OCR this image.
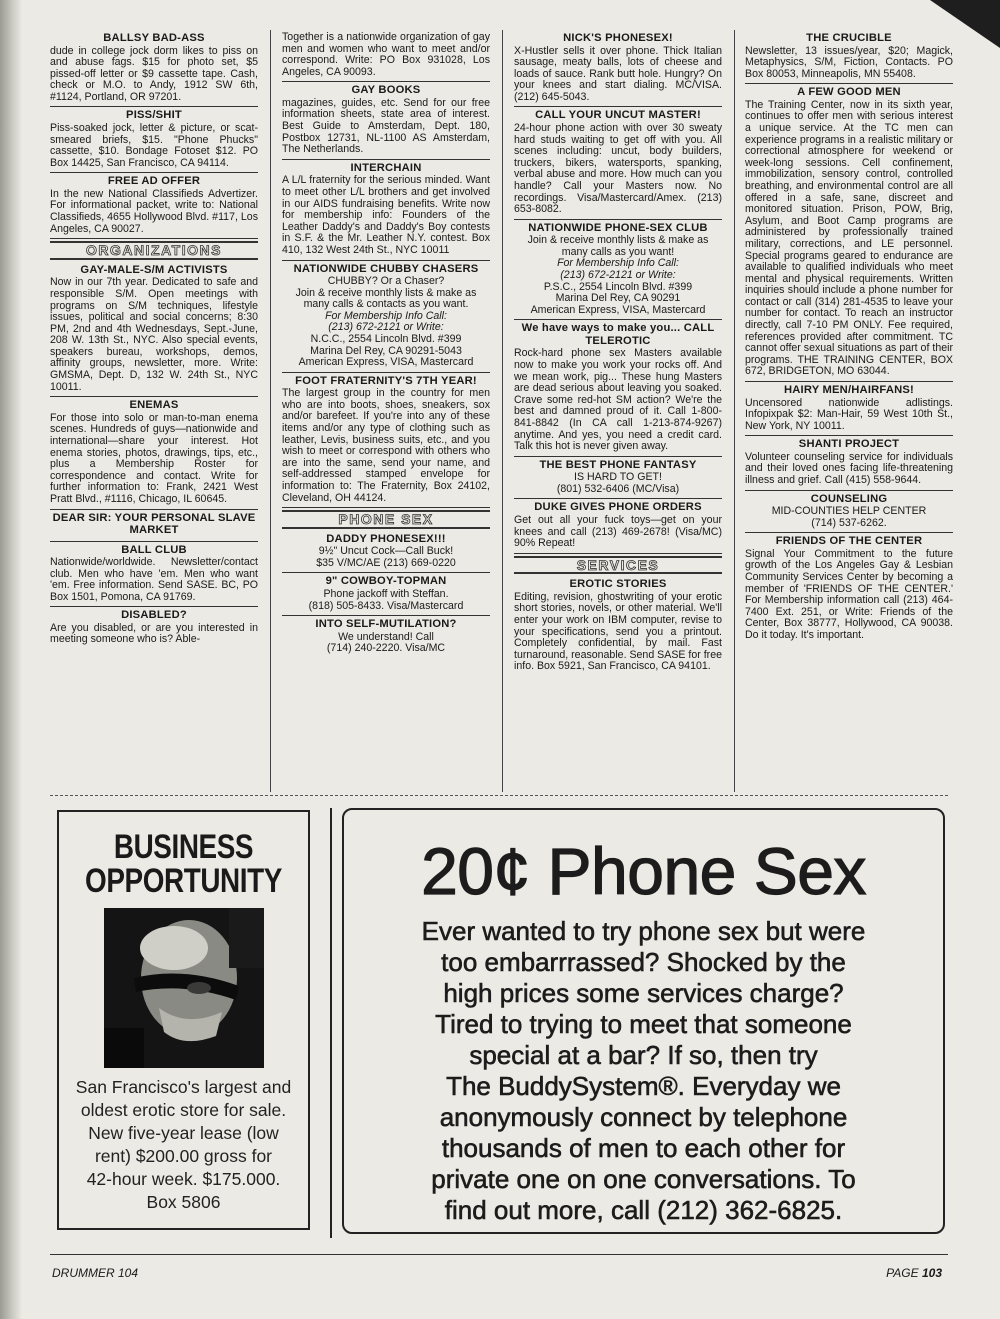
BALLSY BAD-ASS
dude in college jock dorm likes to piss on and abuse fags. $15 for photo set, $5 pissed-off letter or $9 cassette tape. Cash, check or M.O. to Andy, 1912 SW 6th, #1124, Portland, OR 97201.
PISS/SHIT
Piss-soaked jock, letter & picture, or scat-smeared briefs, $15. "Phone Phucks" cassette, $10. Bondage Fotoset $12. PO Box 14425, San Francisco, CA 94114.
FREE AD OFFER
In the new National Classifieds Advertizer. For informational packet, write to: National Classifieds, 4655 Hollywood Blvd. #117, Los Angeles, CA 90027.
ORGANIZATIONS
GAY-MALE-S/M ACTIVISTS
Now in our 7th year. Dedicated to safe and responsible S/M. Open meetings with programs on S/M techniques, lifestyle issues, political and social concerns; 8:30 PM, 2nd and 4th Wednesdays, Sept.-June, 208 W. 13th St., NYC. Also special events, speakers bureau, workshops, demos, affinity groups, newsletter, more. Write: GMSMA, Dept. D, 132 W. 24th St., NYC 10011.
ENEMAS
For those into solo or man-to-man enema scenes. Hundreds of guys—nationwide and international—share your interest. Hot enema stories, photos, drawings, tips, etc., plus a Membership Roster for correspondence and contact. Write for further information to: Frank, 2421 West Pratt Blvd., #1116, Chicago, IL 60645.
DEAR SIR: YOUR PERSONAL SLAVE MARKET
BALL CLUB
Nationwide/worldwide. Newsletter/contact club. Men who have 'em. Men who want 'em. Free information. Send SASE. BC, PO Box 1501, Pomona, CA 91769.
DISABLED?
Are you disabled, or are you interested in meeting someone who is? Able-
Together is a nationwide organization of gay men and women who want to meet and/or correspond. Write: PO Box 931028, Los Angeles, CA 90093.
GAY BOOKS
magazines, guides, etc. Send for our free information sheets, state area of interest. Best Guide to Amsterdam, Dept. 180, Postbox 12731, NL-1100 AS Amsterdam, The Netherlands.
INTERCHAIN
A L/L fraternity for the serious minded. Want to meet other L/L brothers and get involved in our AIDS fundraising benefits. Write now for membership info: Founders of the Leather Daddy's and Daddy's Boy contests in S.F. & the Mr. Leather N.Y. contest. Box 410, 132 West 24th St., NYC 10011
NATIONWIDE CHUBBY CHASERS
CHUBBY? Or a Chaser?
Join & receive monthly lists & make as many calls & contacts as you want.
For Membership Info Call:
(213) 672-2121 or Write:
N.C.C., 2554 Lincoln Blvd. #399
Marina Del Rey, CA 90291-5043
American Express, VISA, Mastercard
FOOT FRATERNITY'S 7TH YEAR!
The largest group in the country for men who are into boots, shoes, sneakers, sox and/or barefeet. If you're into any of these items and/or any type of clothing such as leather, Levis, business suits, etc., and you wish to meet or correspond with others who are into the same, send your name, and self-addressed stamped envelope for information to: The Fraternity, Box 24102, Cleveland, OH 44124.
PHONE SEX
DADDY PHONESEX!!!
9½" Uncut Cock—Call Buck!
$35 V/MC/AE (213) 669-0220
9" COWBOY-TOPMAN
Phone jackoff with Steffan.
(818) 505-8433. Visa/Mastercard
INTO SELF-MUTILATION?
We understand! Call
(714) 240-2220. Visa/MC
NICK'S PHONESEX!
X-Hustler sells it over phone. Thick Italian sausage, meaty balls, lots of cheese and loads of sauce. Rank butt hole. Hungry? On your knees and start dialing. MC/VISA. (212) 645-5043.
CALL YOUR UNCUT MASTER!
24-hour phone action with over 30 sweaty hard studs waiting to get off with you. All scenes including: uncut, body builders, truckers, bikers, watersports, spanking, verbal abuse and more. How much can you handle? Call your Masters now. No recordings. Visa/Mastercard/Amex. (213) 653-8082.
NATIONWIDE PHONE-SEX CLUB
Join & receive monthly lists & make as many calls as you want!
For Membership Info Call:
(213) 672-2121 or Write:
P.S.C., 2554 Lincoln Blvd. #399
Marina Del Rey, CA 90291
American Express, VISA, Mastercard
We have ways to make you... CALL TELEROTIC
Rock-hard phone sex Masters available now to make you work your rocks off. And we mean work, pig... These hung Masters are dead serious about leaving you soaked. Crave some red-hot SM action? We're the best and damned proud of it. Call 1-800-841-8842 (In CA call 1-213-874-9267) anytime. And yes, you need a credit card. Talk this hot is never given away.
THE BEST PHONE FANTASY
IS HARD TO GET!
(801) 532-6406 (MC/Visa)
DUKE GIVES PHONE ORDERS
Get out all your fuck toys—get on your knees and call (213) 469-2678! (Visa/MC) 90% Repeat!
SERVICES
EROTIC STORIES
Editing, revision, ghostwriting of your erotic short stories, novels, or other material. We'll enter your work on IBM computer, revise to your specifications, send you a printout. Completely confidential, by mail. Fast turnaround, reasonable. Send SASE for free info. Box 5921, San Francisco, CA 94101.
THE CRUCIBLE
Newsletter, 13 issues/year, $20; Magick, Metaphysics, S/M, Fiction, Contacts. PO Box 80053, Minneapolis, MN 55408.
A FEW GOOD MEN
The Training Center, now in its sixth year, continues to offer men with serious interest a unique service. At the TC men can experience programs in a realistic military or correctional atmosphere for weekend or week-long sessions. Cell confinement, immobilization, sensory control, controlled breathing, and environmental control are all offered in a safe, sane, discreet and monitored situation. Prison, POW, Brig, Asylum, and Boot Camp programs are administered by professionally trained military, corrections, and LE personnel. Special programs geared to endurance are available to qualified individuals who meet mental and physical requirements. Written inquiries should include a phone number for contact or call (314) 281-4535 to leave your number for contact. To reach an instructor directly, call 7-10 PM ONLY. Fee required, references provided after commitment. TC cannot offer sexual situations as part of their programs. THE TRAINING CENTER, BOX 672, BRIDGETON, MO 63044.
HAIRY MEN/HAIRFANS!
Uncensored nationwide adlistings. Infopixpak $2: Man-Hair, 59 West 10th St., New York, NY 10011.
SHANTI PROJECT
Volunteer counseling service for individuals and their loved ones facing life-threatening illness and grief. Call (415) 558-9644.
COUNSELING
MID-COUNTIES HELP CENTER
(714) 537-6262.
FRIENDS OF THE CENTER
Signal Your Commitment to the future growth of the Los Angeles Gay & Lesbian Community Services Center by becoming a member of 'FRIENDS OF THE CENTER.' For Membership information call (213) 464-7400 Ext. 251, or Write: Friends of the Center, Box 38777, Hollywood, CA 90038. Do it today. It's important.
BUSINESS
OPPORTUNITY
San Francisco's largest and
oldest erotic store for sale.
New five-year lease (low
rent) $200.00 gross for
42-hour week. $175.000.
Box 5806
20¢ Phone Sex
Ever wanted to try phone sex but were
too embarrrassed? Shocked by the
high prices some services charge?
Tired to trying to meet that someone
special at a bar? If so, then try
The BuddySystem®. Everyday we
anonymously connect by telephone
thousands of men to each other for
private one on one conversations. To
find out more, call (212) 362-6825.
DRUMMER 104	PAGE 103
